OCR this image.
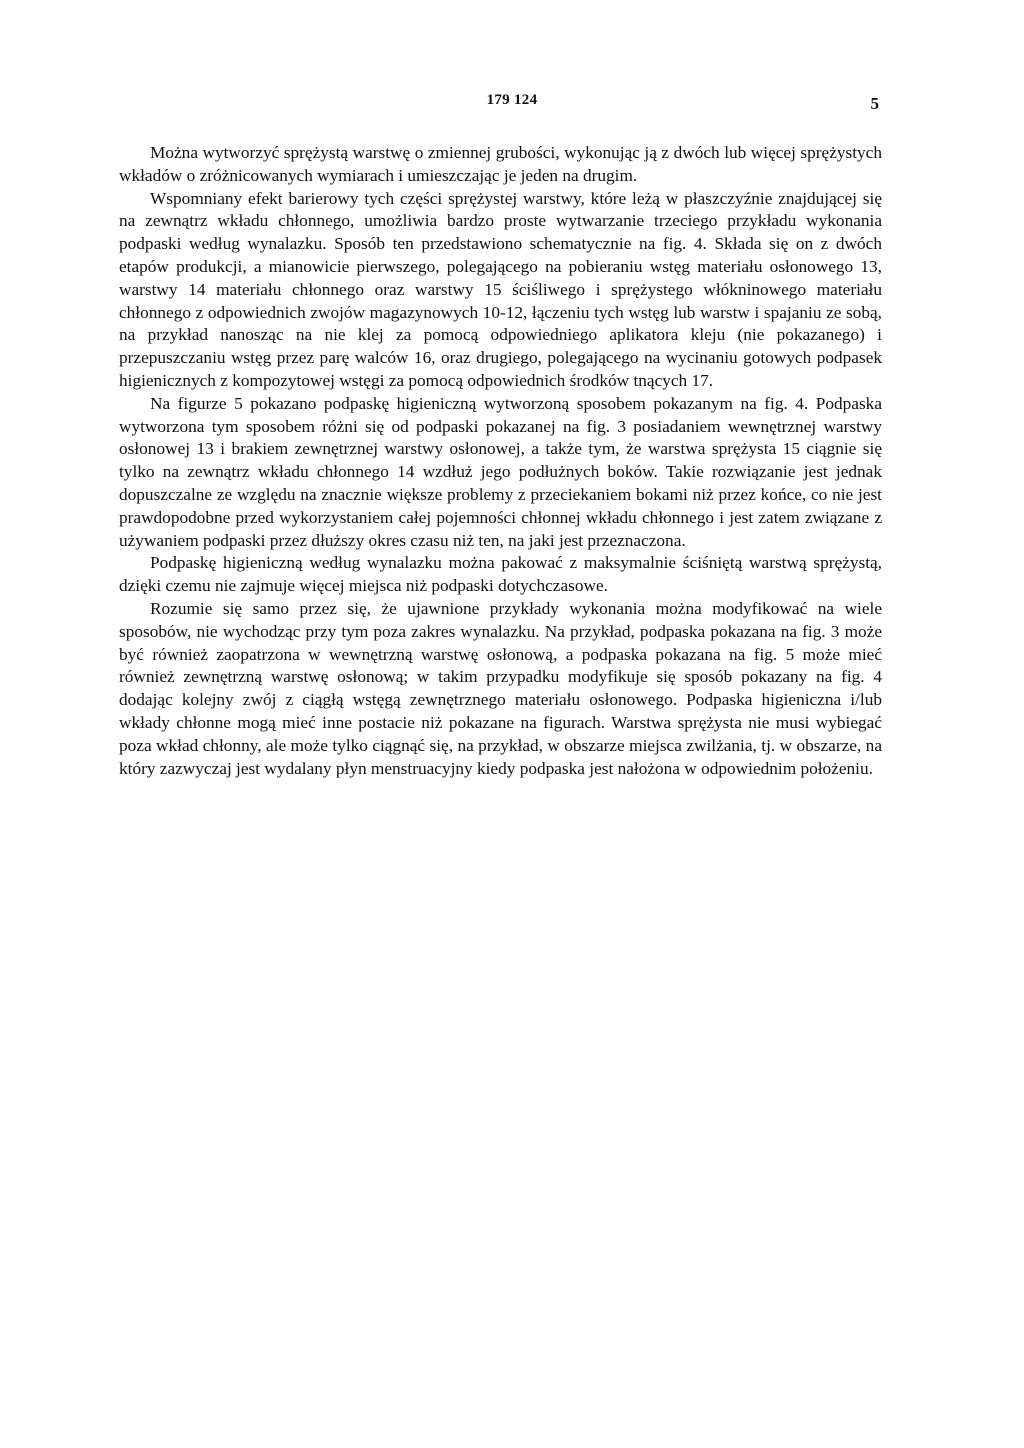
179 124	5

Można wytworzyć sprężystą warstwę o zmiennej grubości, wykonując ją z dwóch lub więcej sprężystych wkładów o zróżnicowanych wymiarach i umieszczając je jeden na drugim.

Wspomniany efekt barierowy tych części sprężystej warstwy, które leżą w płaszczyźnie znajdującej się na zewnątrz wkładu chłonnego, umożliwia bardzo proste wytwarzanie trzeciego przykładu wykonania podpaski według wynalazku. Sposób ten przedstawiono schematycznie na fig. 4. Składa się on z dwóch etapów produkcji, a mianowicie pierwszego, polegającego na pobieraniu wstęg materiału osłonowego 13, warstwy 14 materiału chłonnego oraz warstwy 15 ściśliwego i sprężystego włókninowego materiału chłonnego z odpowiednich zwojów magazynowych 10-12, łączeniu tych wstęg lub warstw i spajaniu ze sobą, na przykład nanosząc na nie klej za pomocą odpowiedniego aplikatora kleju (nie pokazanego) i przepuszczaniu wstęg przez parę walców 16, oraz drugiego, polegającego na wycinaniu gotowych podpasek higienicznych z kompozytowej wstęgi za pomocą odpowiednich środków tnących 17.

Na figurze 5 pokazano podpaskę higieniczną wytworzoną sposobem pokazanym na fig. 4. Podpaska wytworzona tym sposobem różni się od podpaski pokazanej na fig. 3 posiadaniem wewnętrznej warstwy osłonowej 13 i brakiem zewnętrznej warstwy osłonowej, a także tym, że warstwa sprężysta 15 ciągnie się tylko na zewnątrz wkładu chłonnego 14 wzdłuż jego podłużnych boków. Takie rozwiązanie jest jednak dopuszczalne ze względu na znacznie większe problemy z przeciekaniem bokami niż przez końce, co nie jest prawdopodobne przed wykorzystaniem całej pojemności chłonnej wkładu chłonnego i jest zatem związane z używaniem podpaski przez dłuższy okres czasu niż ten, na jaki jest przeznaczona.

Podpaskę higieniczną według wynalazku można pakować z maksymalnie ściśniętą warstwą sprężystą, dzięki czemu nie zajmuje więcej miejsca niż podpaski dotychczasowe.

Rozumie się samo przez się, że ujawnione przykłady wykonania można modyfikować na wiele sposobów, nie wychodząc przy tym poza zakres wynalazku. Na przykład, podpaska pokazana na fig. 3 może być również zaopatrzona w wewnętrzną warstwę osłonową, a podpaska pokazana na fig. 5 może mieć również zewnętrzną warstwę osłonową; w takim przypadku modyfikuje się sposób pokazany na fig. 4 dodając kolejny zwój z ciągłą wstęgą zewnętrznego materiału osłonowego. Podpaska higieniczna i/lub wkłady chłonne mogą mieć inne postacie niż pokazane na figurach. Warstwa sprężysta nie musi wybiegać poza wkład chłonny, ale może tylko ciągnąć się, na przykład, w obszarze miejsca zwilżania, tj. w obszarze, na który zazwyczaj jest wydalany płyn menstruacyjny kiedy podpaska jest nałożona w odpowiednim położeniu.
